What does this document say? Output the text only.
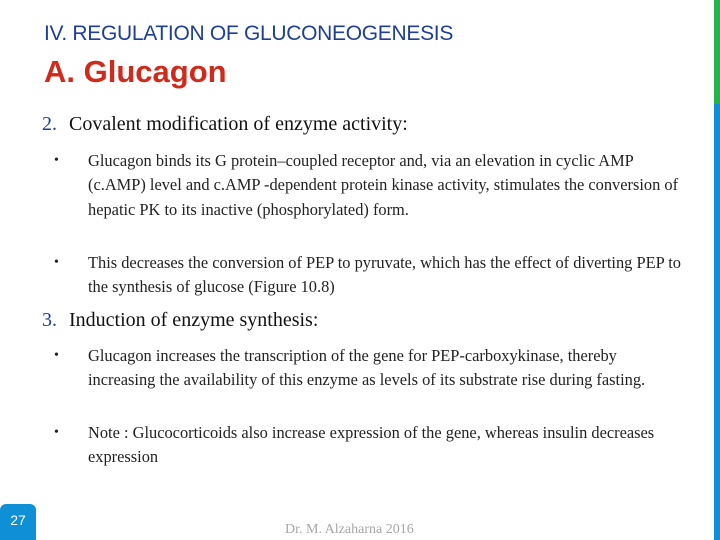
IV. REGULATION OF GLUCONEOGENESIS
A. Glucagon
2. Covalent modification of enzyme activity:
• Glucagon binds its G protein–coupled receptor and, via an elevation in cyclic AMP (c.AMP) level and c.AMP -dependent protein kinase activity, stimulates the conversion of hepatic PK to its inactive (phosphorylated) form.
• This decreases the conversion of PEP to pyruvate, which has the effect of diverting PEP to the synthesis of glucose (Figure 10.8)
3. Induction of enzyme synthesis:
• Glucagon increases the transcription of the gene for PEP-carboxykinase, thereby increasing the availability of this enzyme as levels of its substrate rise during fasting.
• Note : Glucocorticoids also increase expression of the gene, whereas insulin decreases expression
27
Dr. M. Alzaharna 2016
